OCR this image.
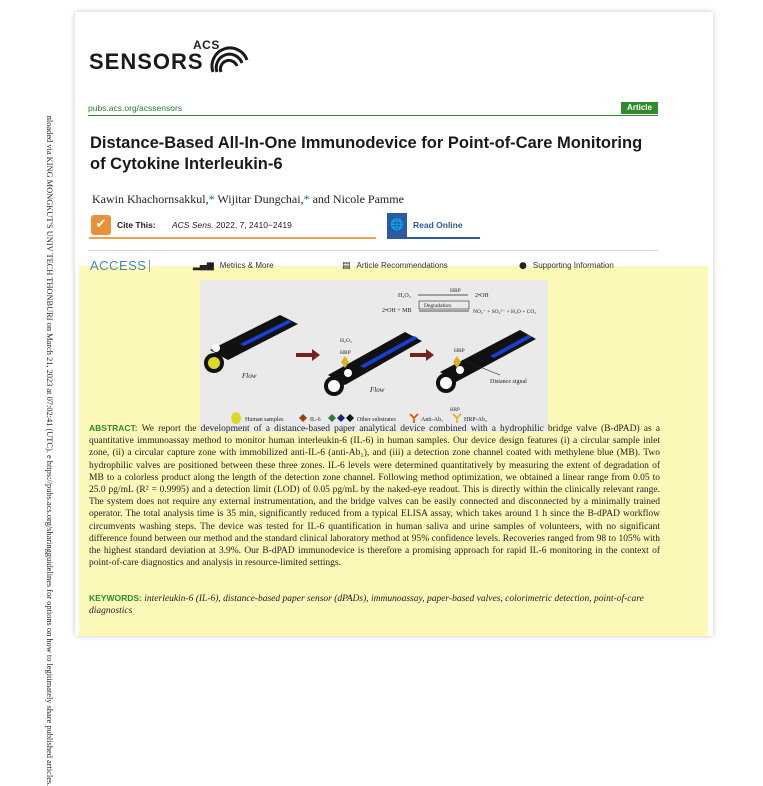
nloaded via KING MONGKUT'S UNIV TECH THONBURI on March 21, 2023 at 07:02:41 (UTC). e https://pubs.acs.org/sharingguidelines for options on how to legitimately share published articles.
ACS
SENSORS
pubs.acs.org/acssensors	Article
Distance-Based All-In-One Immunodevice for Point-of-Care Monitoring of Cytokine Interleukin-6
Kawin Khachornsakkul,* Wijitar Dungchai,* and Nicole Pamme
✔	Cite This: ACS Sens. 2022, 7, 2410−2419	🌐	Read Online
ACCESS	▂▄▆ Metrics & More	▤ Article Recommendations	● Supporting Information
H₂O₂
HRP
2•OH
2•OH + MB
Degradation
NO₃⁻ + SO₄²⁻ + H₂O + CO₂
Flow
H₂O₂
HRP
Flow
HRP
Distance signal
Human samples	IL-6	Other substrates	Anti-Ab₁
HRP
HRP-Ab₂
ABSTRACT: We report the development of a distance-based paper analytical device combined with a hydrophilic bridge valve (B-dPAD) as a quantitative immunoassay method to monitor human interleukin-6 (IL-6) in human samples. Our device design features (i) a circular sample inlet zone, (ii) a circular capture zone with immobilized anti-IL-6 (anti-Ab₁), and (iii) a detection zone channel coated with methylene blue (MB). Two hydrophilic valves are positioned between these three zones. IL-6 levels were determined quantitatively by measuring the extent of degradation of MB to a colorless product along the length of the detection zone channel. Following method optimization, we obtained a linear range from 0.05 to 25.0 pg/mL (R² = 0.9995) and a detection limit (LOD) of 0.05 pg/mL by the naked-eye readout. This is directly within the clinically relevant range. The system does not require any external instrumentation, and the bridge valves can be easily connected and disconnected by a minimally trained operator. The total analysis time is 35 min, significantly reduced from a typical ELISA assay, which takes around 1 h since the B-dPAD workflow circumvents washing steps. The device was tested for IL-6 quantification in human saliva and urine samples of volunteers, with no significant difference found between our method and the standard clinical laboratory method at 95% confidence levels. Recoveries ranged from 98 to 105% with the highest standard deviation at 3.9%. Our B-dPAD immunodevice is therefore a promising approach for rapid IL-6 monitoring in the context of point-of-care diagnostics and analysis in resource-limited settings.
KEYWORDS: interleukin-6 (IL-6), distance-based paper sensor (dPADs), immunoassay, paper-based valves, colorimetric detection, point-of-care diagnostics
